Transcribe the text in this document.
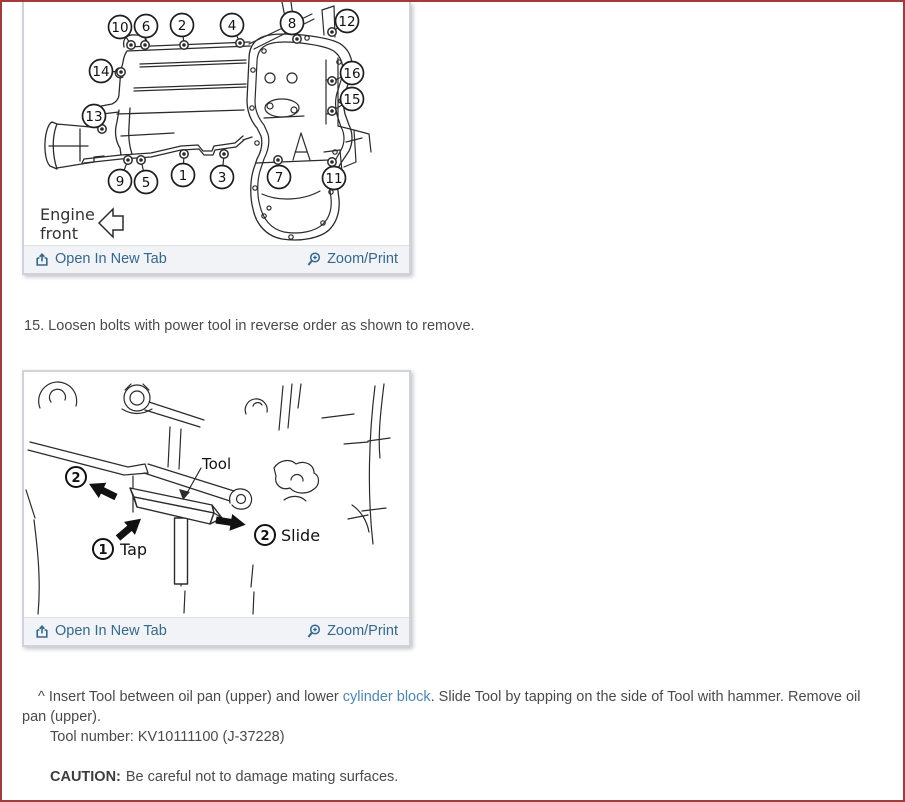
Engine
front
10 6 2	4	8	12
14	16
15
13
9 5 1 3	7	11
Open In New Tab	Zoom/Print

15. Loosen bolts with power tool in reverse order as shown to remove.

Tool
Tap
Slide
2
1
2
Open In New Tab	Zoom/Print

^ Insert Tool between oil pan (upper) and lower cylinder block. Slide Tool by tapping on the side of Tool with hammer. Remove oil pan (upper).

Tool number: KV10111100 (J-37228)

CAUTION: Be careful not to damage mating surfaces.
